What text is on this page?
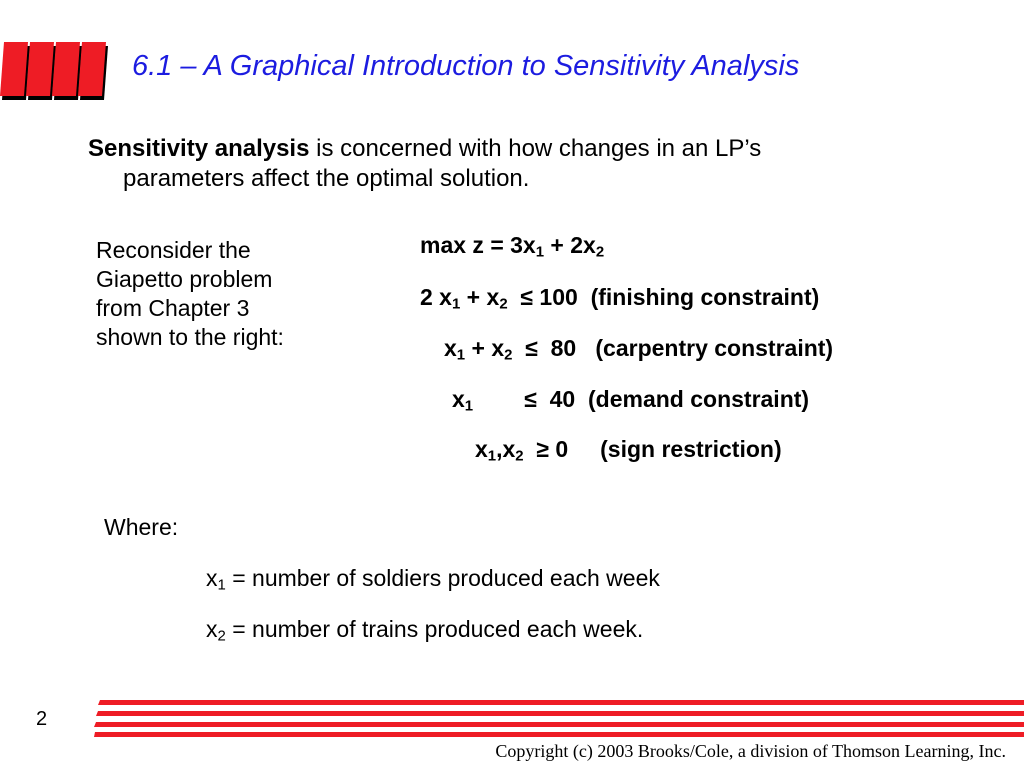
6.1 – A Graphical Introduction to Sensitivity Analysis
Sensitivity analysis is concerned with how changes in an LP’s
parameters affect the optimal solution.
Reconsider the
Giapetto problem
from Chapter 3
shown to the right:
$\max z = 3x_1 + 2x_2$
2 $x_1 + x_2 \le 100$  (finishing constraint)
$x_1 + x_2 \le 80$   (carpentry constraint)
$x_1$        ≤  40  (demand constraint)
$x_1,x_2 \ge 0$     (sign restriction)
Where:
$x_1$ = number of soldiers produced each week
$x_2$ = number of trains produced each week.
2
Copyright (c) 2003 Brooks/Cole, a division of Thomson Learning, Inc.
